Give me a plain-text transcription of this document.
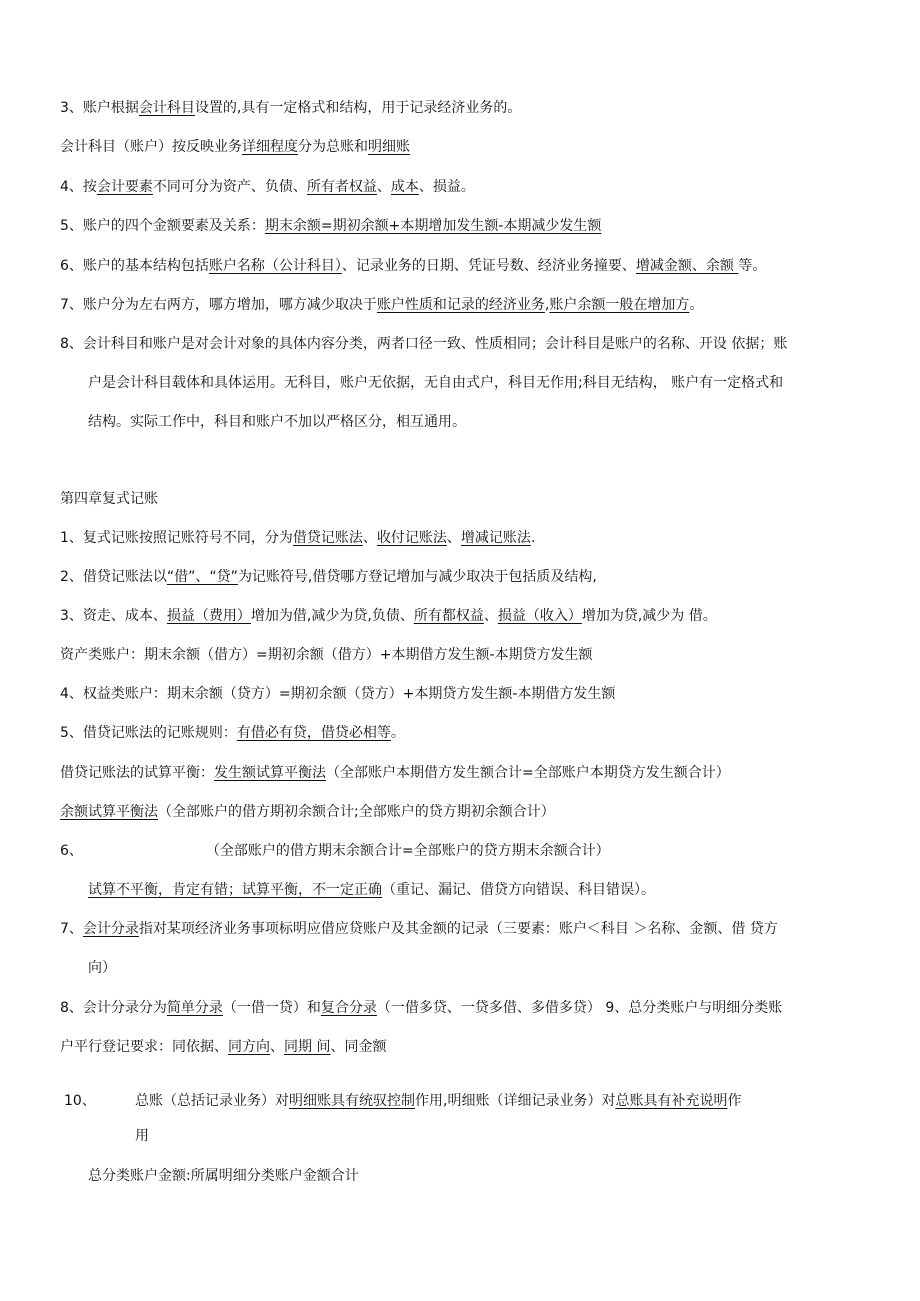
3、账户根据会计科目设置的,具有一定格式和结构，用于记录经济业务的。
会计科目（账户）按反映业务详细程度分为总账和明细账
4、按会计要素不同可分为资产、负债、所有者权益、成本、损益。
5、账户的四个金额要素及关系：期末余额=期初余额+本期增加发生额-本期减少发生额
6、账户的基本结构包括账户名称（公计科目）、记录业务的日期、凭证号数、经济业务撞要、增减金额、余额 等。
7、账户分为左右两方，哪方增加，哪方减少取决于账户性质和记录的经济业务,账户余额一般在增加方。
8、会计科目和账户是对会计对象的具体内容分类，两者口径一致、性质相同；会计科目是账户的名称、开设 依据；账
户是会计科目载体和具体运用。无科目，账户无依据，无自由式户，科目无作用;科目无结构， 账户有一定格式和
结构。实际工作中，科目和账户不加以严格区分，相互通用。
第四章复式记账
1、复式记账按照记账符号不同，分为借贷记账法、收付记账法、增减记账法.
2、借贷记账法以“借”、“贷”为记账符号,借贷哪方登记增加与减少取决于包括质及结构,
3、资走、成本、损益（费用）增加为借,减少为贷,负债、所有都权益、损益（收入）增加为贷,减少为 借。
资产类账户：期末余额（借方）=期初余额（借方）+本期借方发生额-本期贷方发生额
4、权益类账户：期末余额（贷方）=期初余额（贷方）+本期贷方发生额-本期借方发生额
5、借贷记账法的记账规则：有借必有贷，借贷必相等。
借贷记账法的试算平衡：发生额试算平衡法（全部账户本期借方发生额合计=全部账户本期贷方发生额合计）
余额试算平衡法（全部账户的借方期初余额合计;全部账户的贷方期初余额合计）
6、	（全部账户的借方期末余额合计=全部账户的贷方期末余额合计）
试算不平衡，肯定有错；试算平衡，不一定正确（重记、漏记、借贷方向错误、科目错误）。
7、会计分录指对某项经济业务事项标明应借应贷账户及其金额的记录（三要素：账户＜科目 ＞名称、金额、借 贷方
向）
8、会计分录分为简单分录（一借一贷）和复合分录（一借多贷、一贷多借、多借多贷） 9、总分类账户与明细分类账
户平行登记要求：同依据、同方向、同期 间、同金额
10、	总账（总括记录业务）对明细账具有统驭控制作用,明细账（详细记录业务）对总账具有补充说明作
用
总分类账户金额:所属明细分类账户金额合计
